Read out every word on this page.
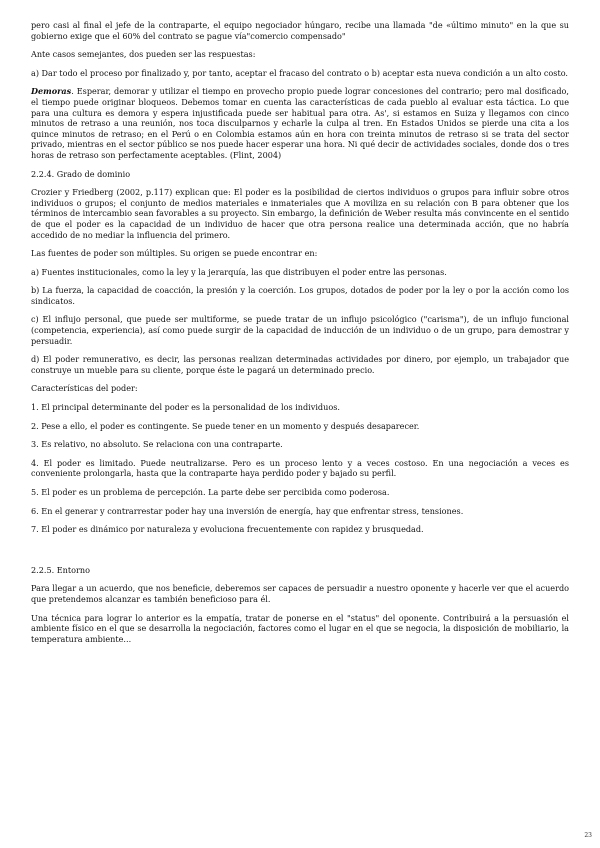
pero casi al final el jefe de la contraparte, el equipo negociador húngaro, recibe una llamada "de «último minuto" en la que su gobierno exige que el 60% del contrato se pague vía"comercio compensado"

Ante casos semejantes, dos pueden ser las respuestas:

a) Dar todo el proceso por finalizado y, por tanto, aceptar el fracaso del contrato o b) aceptar esta nueva condición a un alto costo.

Demoras. Esperar, demorar y utilizar el tiempo en provecho propio puede lograr concesiones del contrario; pero mal dosificado, el tiempo puede originar bloqueos. Debemos tomar en cuenta las características de cada pueblo al evaluar esta táctica. Lo que para una cultura es demora y espera injustificada puede ser habitual para otra. As', si estamos en Suiza y llegamos con cinco minutos de retraso a una reunión, nos toca disculparnos y echarle la culpa al tren. En Estados Unidos se pierde una cita a los quince minutos de retraso; en el Perú o en Colombia estamos aún en hora con treinta minutos de retraso si se trata del sector privado, mientras en el sector público se nos puede hacer esperar una hora. Ni qué decir de actividades sociales, donde dos o tres horas de retraso son perfectamente aceptables. (Flint, 2004)

2.2.4. Grado de dominio

Crozier y Friedberg (2002, p.117) explican que: El poder es la posibilidad de ciertos individuos o grupos para influir sobre otros individuos o grupos; el conjunto de medios materiales e inmateriales que A moviliza en su relación con B para obtener que los términos de intercambio sean favorables a su proyecto. Sin embargo, la definición de Weber resulta más convincente en el sentido de que el poder es la capacidad de un individuo de hacer que otra persona realice una determinada acción, que no habría accedido de no mediar la influencia del primero.

Las fuentes de poder son múltiples. Su origen se puede encontrar en:

a) Fuentes institucionales, como la ley y la jerarquía, las que distribuyen el poder entre las personas.

b) La fuerza, la capacidad de coacción, la presión y la coerción. Los grupos, dotados de poder por la ley o por la acción como los sindicatos.

c) El influjo personal, que puede ser multiforme, se puede tratar de un influjo psicológico ("carisma"), de un influjo funcional (competencia, experiencia), así como puede surgir de la capacidad de inducción de un individuo o de un grupo, para demostrar y persuadir.

d) El poder remunerativo, es decir, las personas realizan determinadas actividades por dinero, por ejemplo, un trabajador que construye un mueble para su cliente, porque éste le pagará un determinado precio.

Características del poder:

1. El principal determinante del poder es la personalidad de los individuos.

2. Pese a ello, el poder es contingente. Se puede tener en un momento y después desaparecer.

3. Es relativo, no absoluto. Se relaciona con una contraparte.

4. El poder es limitado. Puede neutralizarse. Pero es un proceso lento y a veces costoso. En una negociación a veces es conveniente prolongarla, hasta que la contraparte haya perdido poder y bajado su perfil.

5. El poder es un problema de percepción. La parte debe ser percibida como poderosa.

6. En el generar y contrarrestar poder hay una inversión de energía, hay que enfrentar stress, tensiones.

7. El poder es dinámico por naturaleza y evoluciona frecuentemente con rapidez y brusquedad.

2.2.5. Entorno

Para llegar a un acuerdo, que nos beneficie, deberemos ser capaces de persuadir a nuestro oponente y hacerle ver que el acuerdo que pretendemos alcanzar es también beneficioso para él.

Una técnica para lograr lo anterior es la empatía, tratar de ponerse en el "status" del oponente. Contribuirá a la persuasión el ambiente físico en el que se desarrolla la negociación, factores como el lugar en el que se negocia, la disposición de mobiliario, la temperatura ambiente...

23
